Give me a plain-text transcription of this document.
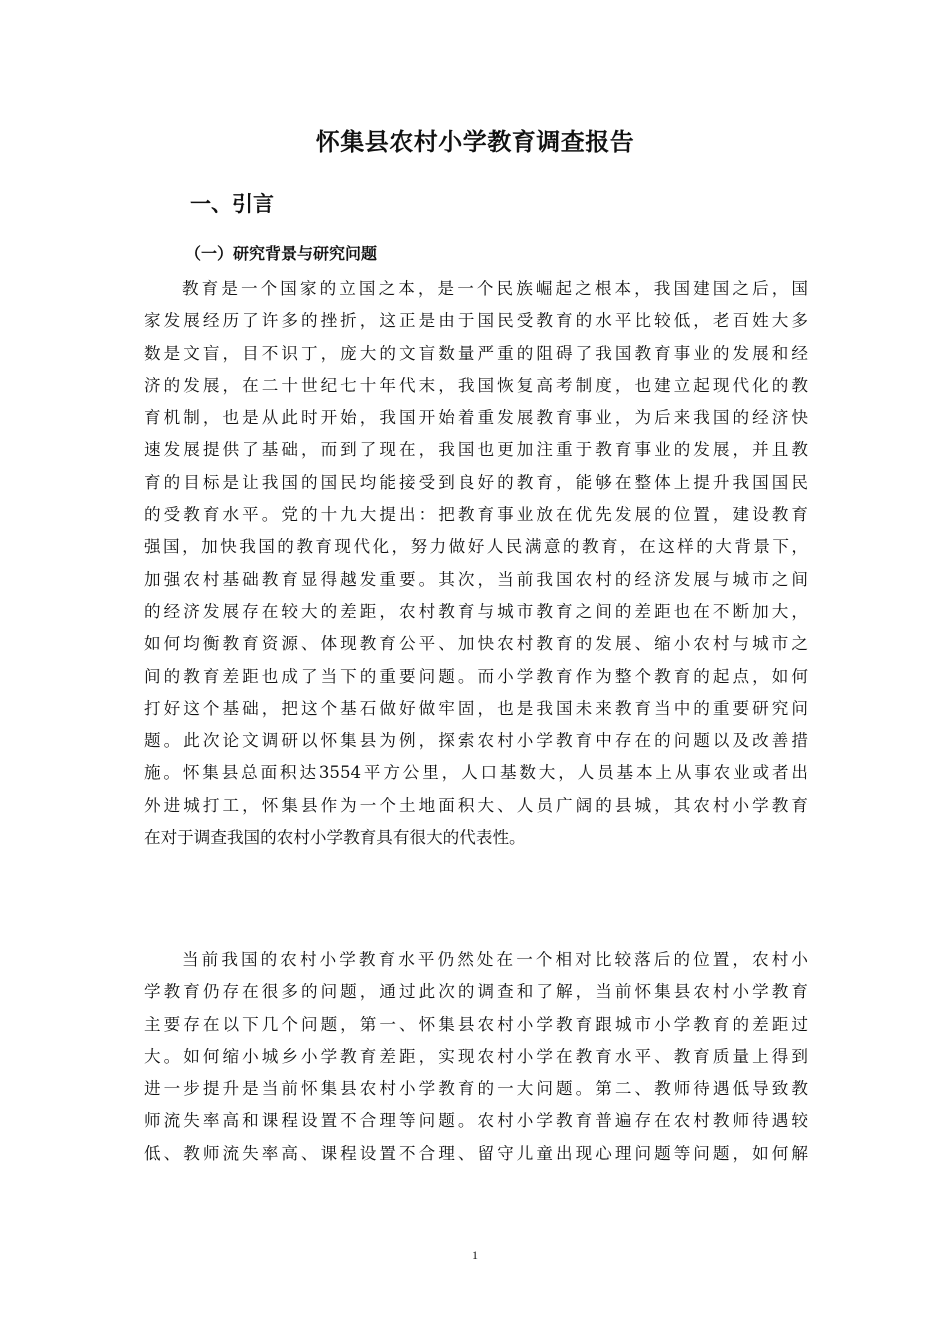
怀集县农村小学教育调查报告
一、引言
（一）研究背景与研究问题
教育是一个国家的立国之本，是一个民族崛起之根本，我国建国之后，国
家发展经历了许多的挫折，这正是由于国民受教育的水平比较低，老百姓大多
数是文盲，目不识丁，庞大的文盲数量严重的阻碍了我国教育事业的发展和经
济的发展，在二十世纪七十年代末，我国恢复高考制度，也建立起现代化的教
育机制，也是从此时开始，我国开始着重发展教育事业，为后来我国的经济快
速发展提供了基础，而到了现在，我国也更加注重于教育事业的发展，并且教
育的目标是让我国的国民均能接受到良好的教育，能够在整体上提升我国国民
的受教育水平。党的十九大提出：把教育事业放在优先发展的位置，建设教育
强国，加快我国的教育现代化，努力做好人民满意的教育，在这样的大背景下，
加强农村基础教育显得越发重要。其次，当前我国农村的经济发展与城市之间
的经济发展存在较大的差距，农村教育与城市教育之间的差距也在不断加大，
如何均衡教育资源、体现教育公平、加快农村教育的发展、缩小农村与城市之
间的教育差距也成了当下的重要问题。而小学教育作为整个教育的起点，如何
打好这个基础，把这个基石做好做牢固，也是我国未来教育当中的重要研究问
题。此次论文调研以怀集县为例，探索农村小学教育中存在的问题以及改善措
施。怀集县总面积达3554平方公里，人口基数大，人员基本上从事农业或者出
外进城打工，怀集县作为一个土地面积大、人员广阔的县城，其农村小学教育
在对于调查我国的农村小学教育具有很大的代表性。
当前我国的农村小学教育水平仍然处在一个相对比较落后的位置，农村小
学教育仍存在很多的问题，通过此次的调查和了解，当前怀集县农村小学教育
主要存在以下几个问题，第一、怀集县农村小学教育跟城市小学教育的差距过
大。如何缩小城乡小学教育差距，实现农村小学在教育水平、教育质量上得到
进一步提升是当前怀集县农村小学教育的一大问题。第二、教师待遇低导致教
师流失率高和课程设置不合理等问题。农村小学教育普遍存在农村教师待遇较
低、教师流失率高、课程设置不合理、留守儿童出现心理问题等问题，如何解
1
